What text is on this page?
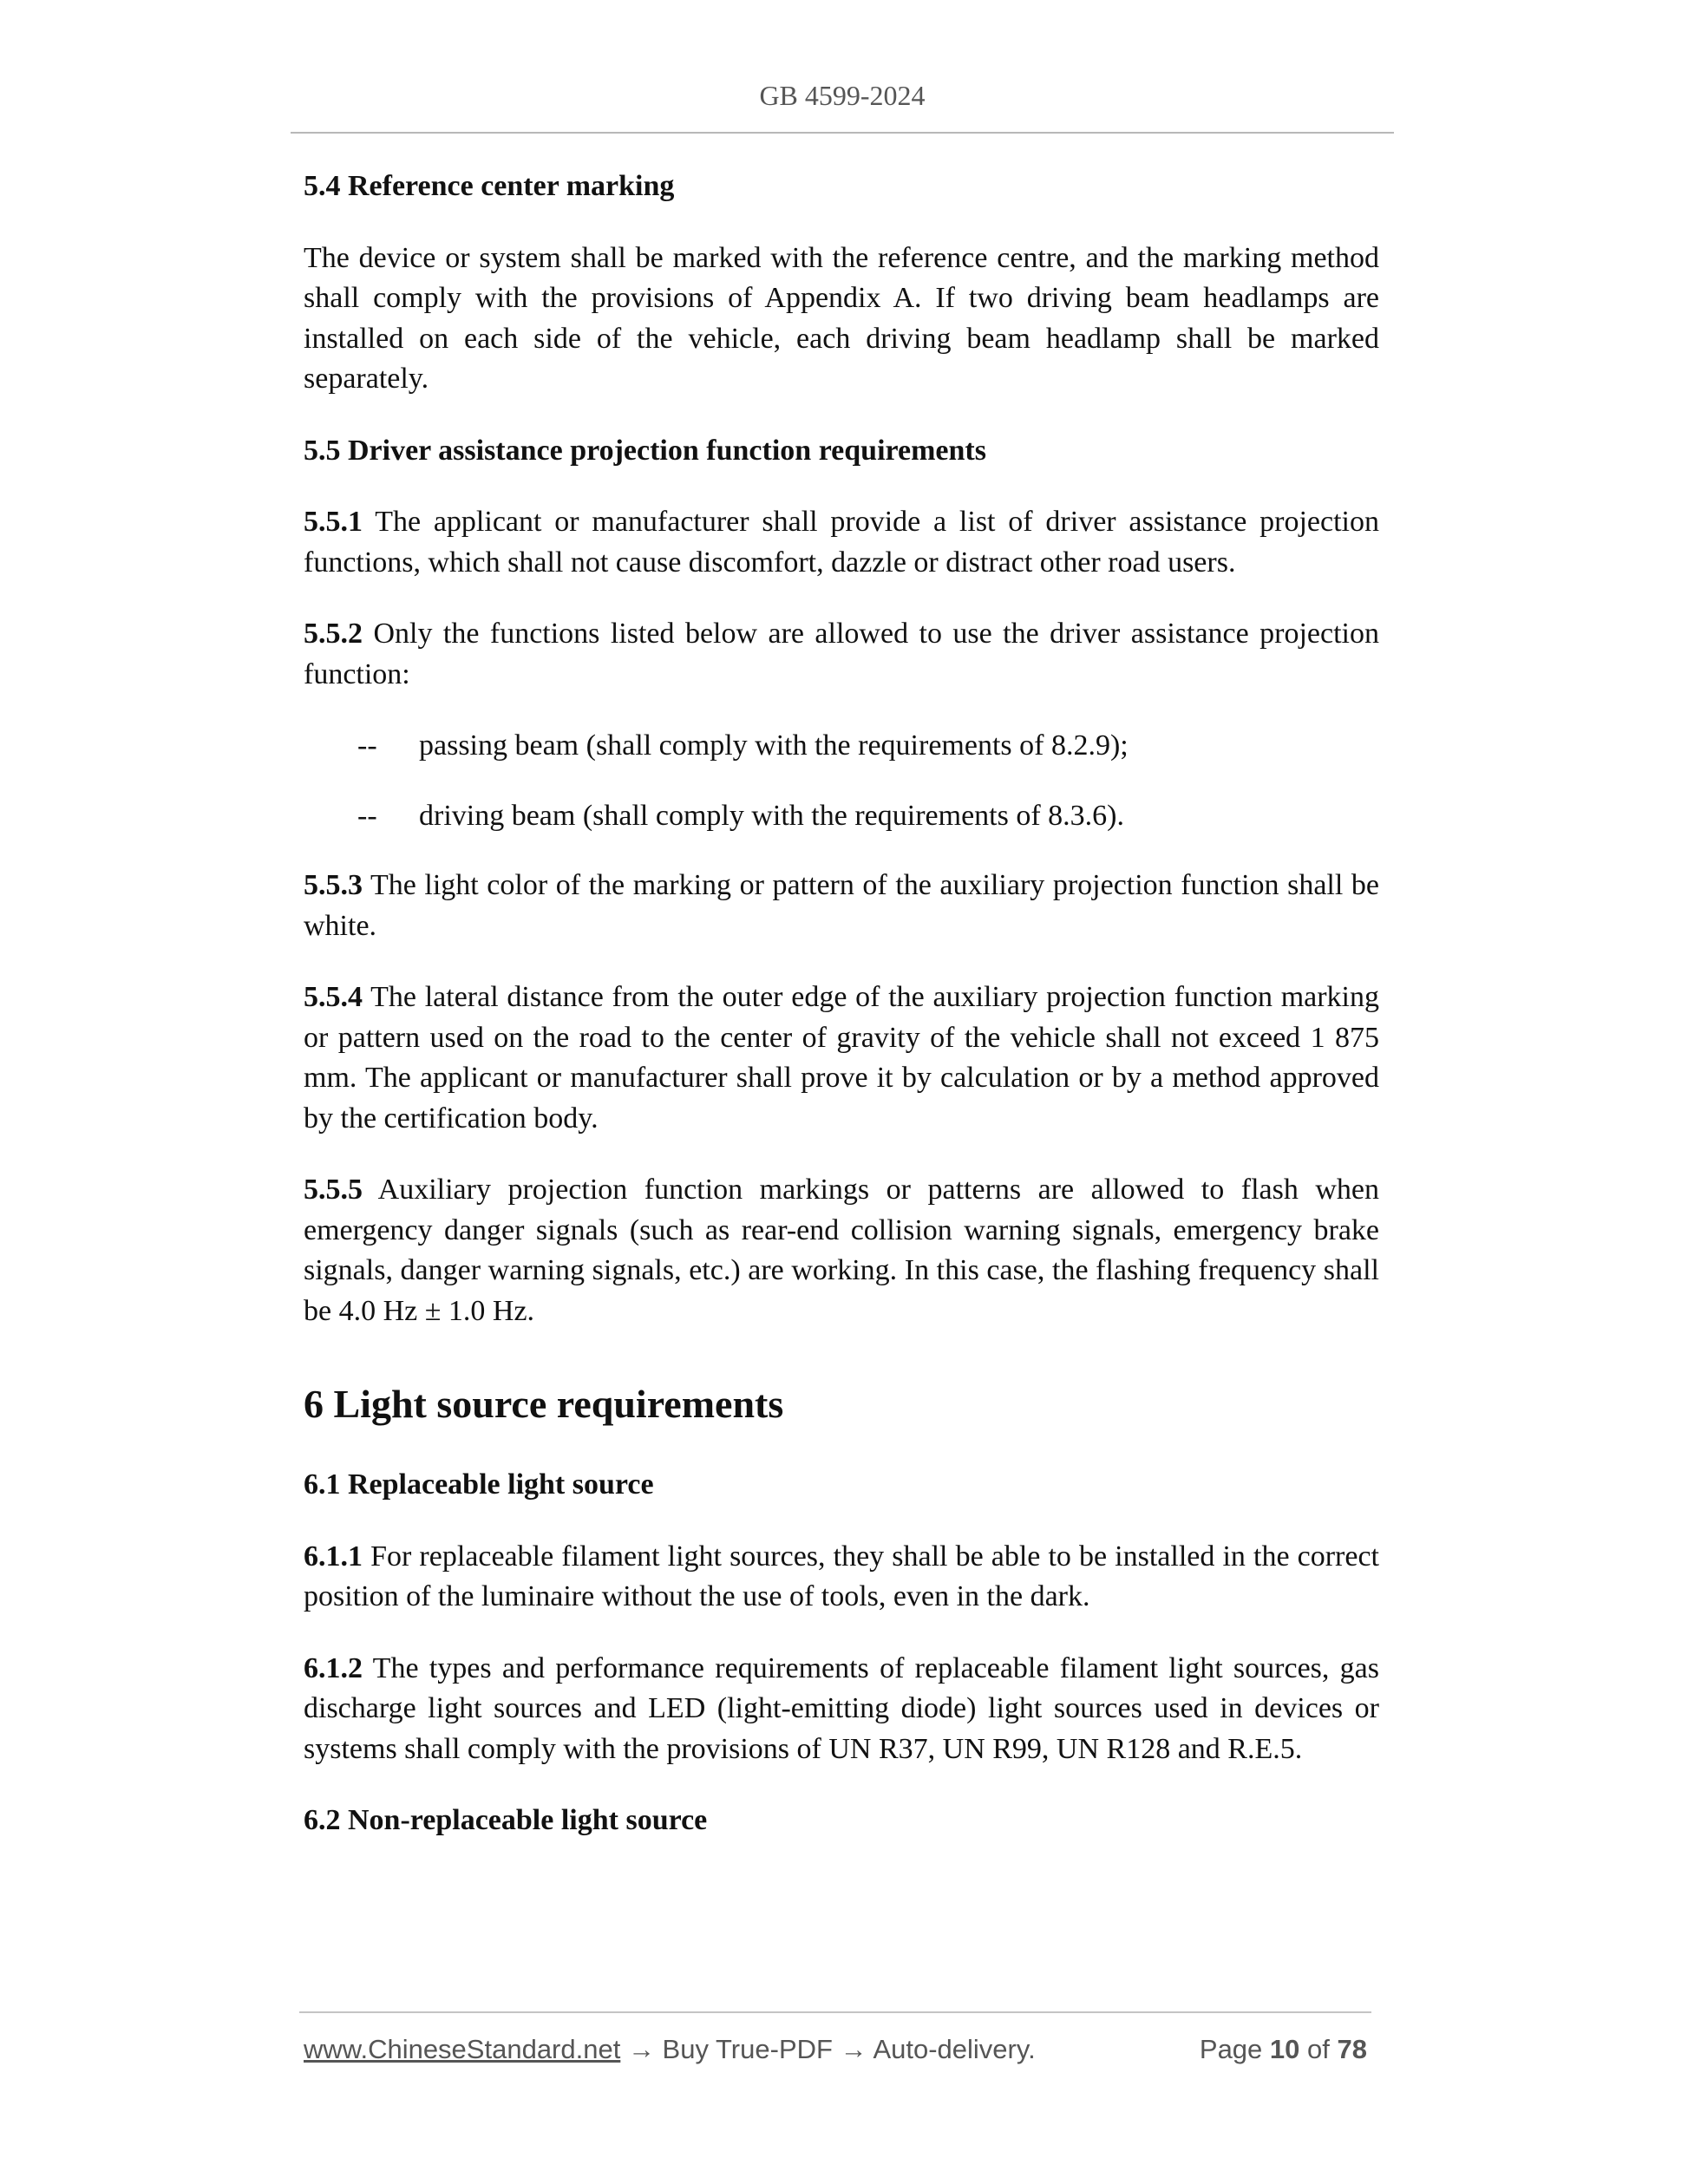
GB 4599-2024
5.4 Reference center marking

The device or system shall be marked with the reference centre, and the marking method shall comply with the provisions of Appendix A. If two driving beam headlamps are installed on each side of the vehicle, each driving beam headlamp shall be marked separately.

5.5 Driver assistance projection function requirements

5.5.1 The applicant or manufacturer shall provide a list of driver assistance projection functions, which shall not cause discomfort, dazzle or distract other road users.

5.5.2 Only the functions listed below are allowed to use the driver assistance projection function:

-- passing beam (shall comply with the requirements of 8.2.9);
-- driving beam (shall comply with the requirements of 8.3.6).

5.5.3 The light color of the marking or pattern of the auxiliary projection function shall be white.

5.5.4 The lateral distance from the outer edge of the auxiliary projection function marking or pattern used on the road to the center of gravity of the vehicle shall not exceed 1 875 mm. The applicant or manufacturer shall prove it by calculation or by a method approved by the certification body.

5.5.5 Auxiliary projection function markings or patterns are allowed to flash when emergency danger signals (such as rear-end collision warning signals, emergency brake signals, danger warning signals, etc.) are working. In this case, the flashing frequency shall be 4.0 Hz ± 1.0 Hz.

6 Light source requirements
6.1 Replaceable light source

6.1.1 For replaceable filament light sources, they shall be able to be installed in the correct position of the luminaire without the use of tools, even in the dark.

6.1.2 The types and performance requirements of replaceable filament light sources, gas discharge light sources and LED (light-emitting diode) light sources used in devices or systems shall comply with the provisions of UN R37, UN R99, UN R128 and R.E.5.

6.2 Non-replaceable light source
www.ChineseStandard.net → Buy True-PDF → Auto-delivery.	Page 10 of 78
